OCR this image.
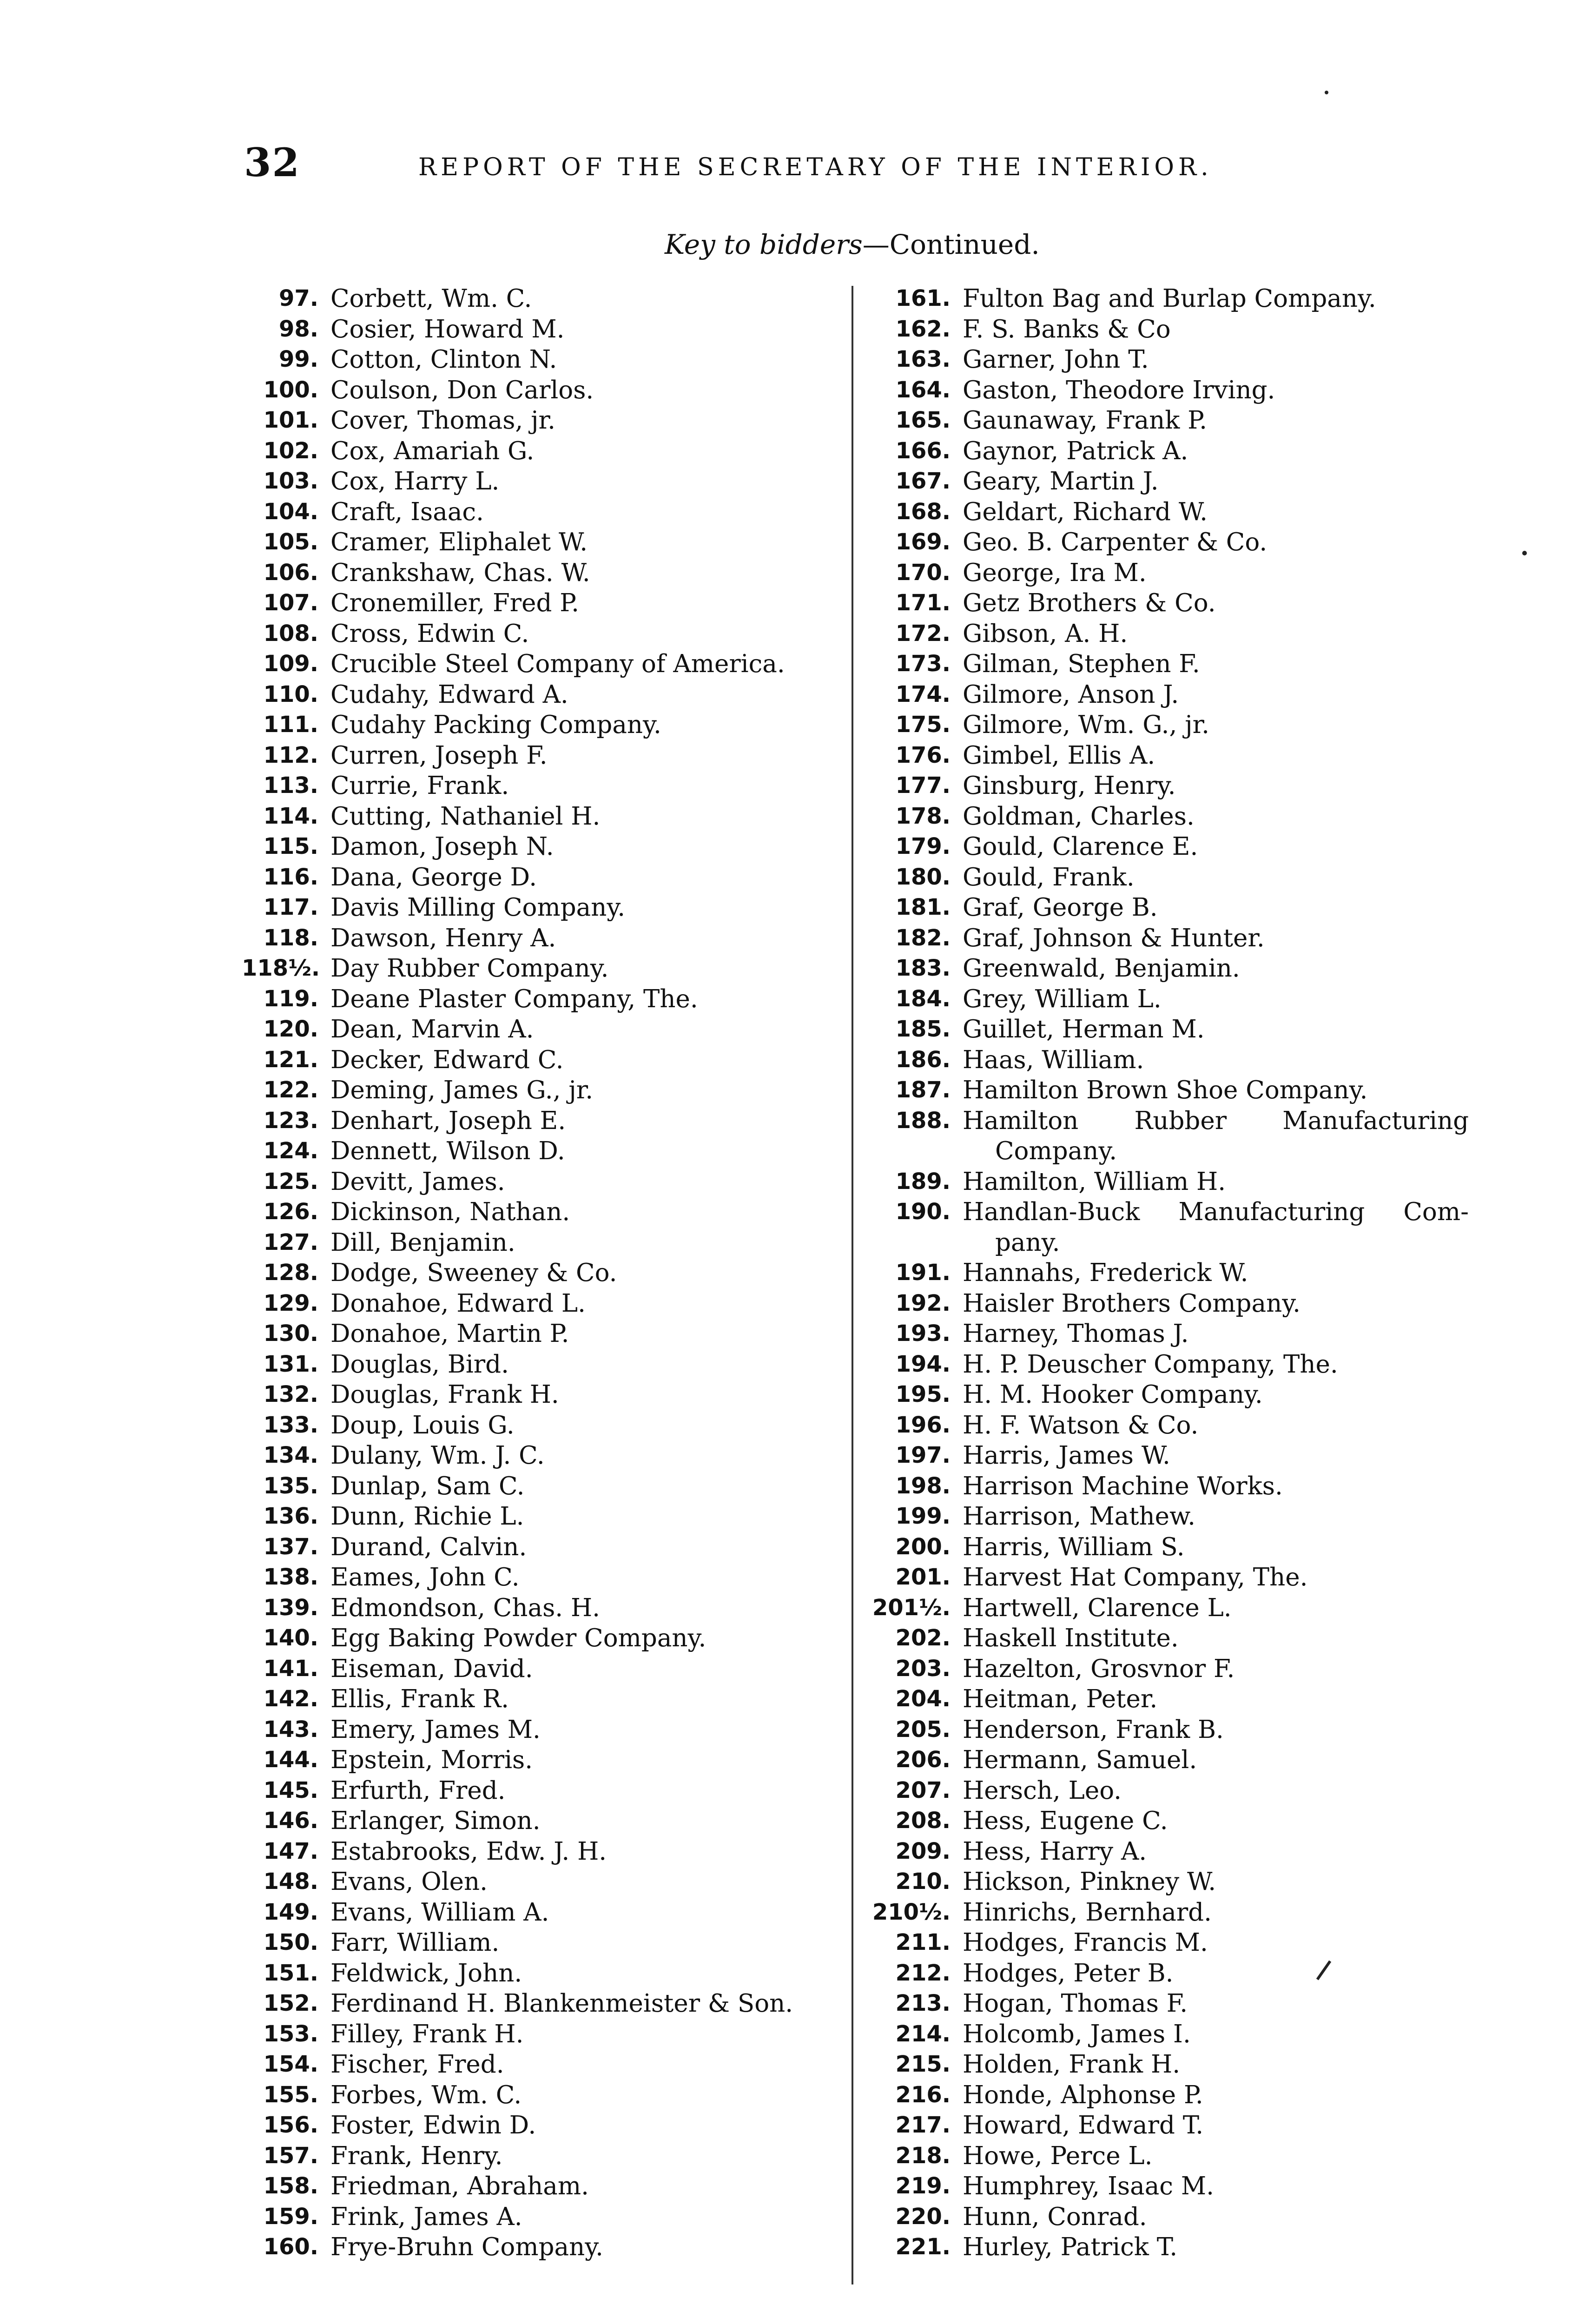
32	REPORT OF THE SECRETARY OF THE INTERIOR.
Key to bidders—Continued.
97. Corbett, Wm. C.
98. Cosier, Howard M.
99. Cotton, Clinton N.
100. Coulson, Don Carlos.
101. Cover, Thomas, jr.
102. Cox, Amariah G.
103. Cox, Harry L.
104. Craft, Isaac.
105. Cramer, Eliphalet W.
106. Crankshaw, Chas. W.
107. Cronemiller, Fred P.
108. Cross, Edwin C.
109. Crucible Steel Company of America.
110. Cudahy, Edward A.
111. Cudahy Packing Company.
112. Curren, Joseph F.
113. Currie, Frank.
114. Cutting, Nathaniel H.
115. Damon, Joseph N.
116. Dana, George D.
117. Davis Milling Company.
118. Dawson, Henry A.
118½. Day Rubber Company.
119. Deane Plaster Company, The.
120. Dean, Marvin A.
121. Decker, Edward C.
122. Deming, James G., jr.
123. Denhart, Joseph E.
124. Dennett, Wilson D.
125. Devitt, James.
126. Dickinson, Nathan.
127. Dill, Benjamin.
128. Dodge, Sweeney & Co.
129. Donahoe, Edward L.
130. Donahoe, Martin P.
131. Douglas, Bird.
132. Douglas, Frank H.
133. Doup, Louis G.
134. Dulany, Wm. J. C.
135. Dunlap, Sam C.
136. Dunn, Richie L.
137. Durand, Calvin.
138. Eames, John C.
139. Edmondson, Chas. H.
140. Egg Baking Powder Company.
141. Eiseman, David.
142. Ellis, Frank R.
143. Emery, James M.
144. Epstein, Morris.
145. Erfurth, Fred.
146. Erlanger, Simon.
147. Estabrooks, Edw. J. H.
148. Evans, Olen.
149. Evans, William A.
150. Farr, William.
151. Feldwick, John.
152. Ferdinand H. Blankenmeister & Son.
153. Filley, Frank H.
154. Fischer, Fred.
155. Forbes, Wm. C.
156. Foster, Edwin D.
157. Frank, Henry.
158. Friedman, Abraham.
159. Frink, James A.
160. Frye-Bruhn Company.
161. Fulton Bag and Burlap Company.
162. F. S. Banks & Co
163. Garner, John T.
164. Gaston, Theodore Irving.
165. Gaunaway, Frank P.
166. Gaynor, Patrick A.
167. Geary, Martin J.
168. Geldart, Richard W.
169. Geo. B. Carpenter & Co.
170. George, Ira M.
171. Getz Brothers & Co.
172. Gibson, A. H.
173. Gilman, Stephen F.
174. Gilmore, Anson J.
175. Gilmore, Wm. G., jr.
176. Gimbel, Ellis A.
177. Ginsburg, Henry.
178. Goldman, Charles.
179. Gould, Clarence E.
180. Gould, Frank.
181. Graf, George B.
182. Graf, Johnson & Hunter.
183. Greenwald, Benjamin.
184. Grey, William L.
185. Guillet, Herman M.
186. Haas, William.
187. Hamilton Brown Shoe Company.
188. Hamilton Rubber Manufacturing
Company.
189. Hamilton, William H.
190. Handlan-Buck Manufacturing Com-
pany.
191. Hannahs, Frederick W.
192. Haisler Brothers Company.
193. Harney, Thomas J.
194. H. P. Deuscher Company, The.
195. H. M. Hooker Company.
196. H. F. Watson & Co.
197. Harris, James W.
198. Harrison Machine Works.
199. Harrison, Mathew.
200. Harris, William S.
201. Harvest Hat Company, The.
201½. Hartwell, Clarence L.
202. Haskell Institute.
203. Hazelton, Grosvnor F.
204. Heitman, Peter.
205. Henderson, Frank B.
206. Hermann, Samuel.
207. Hersch, Leo.
208. Hess, Eugene C.
209. Hess, Harry A.
210. Hickson, Pinkney W.
210½. Hinrichs, Bernhard.
211. Hodges, Francis M.
212. Hodges, Peter B.
213. Hogan, Thomas F.
214. Holcomb, James I.
215. Holden, Frank H.
216. Honde, Alphonse P.
217. Howard, Edward T.
218. Howe, Perce L.
219. Humphrey, Isaac M.
220. Hunn, Conrad.
221. Hurley, Patrick T.
